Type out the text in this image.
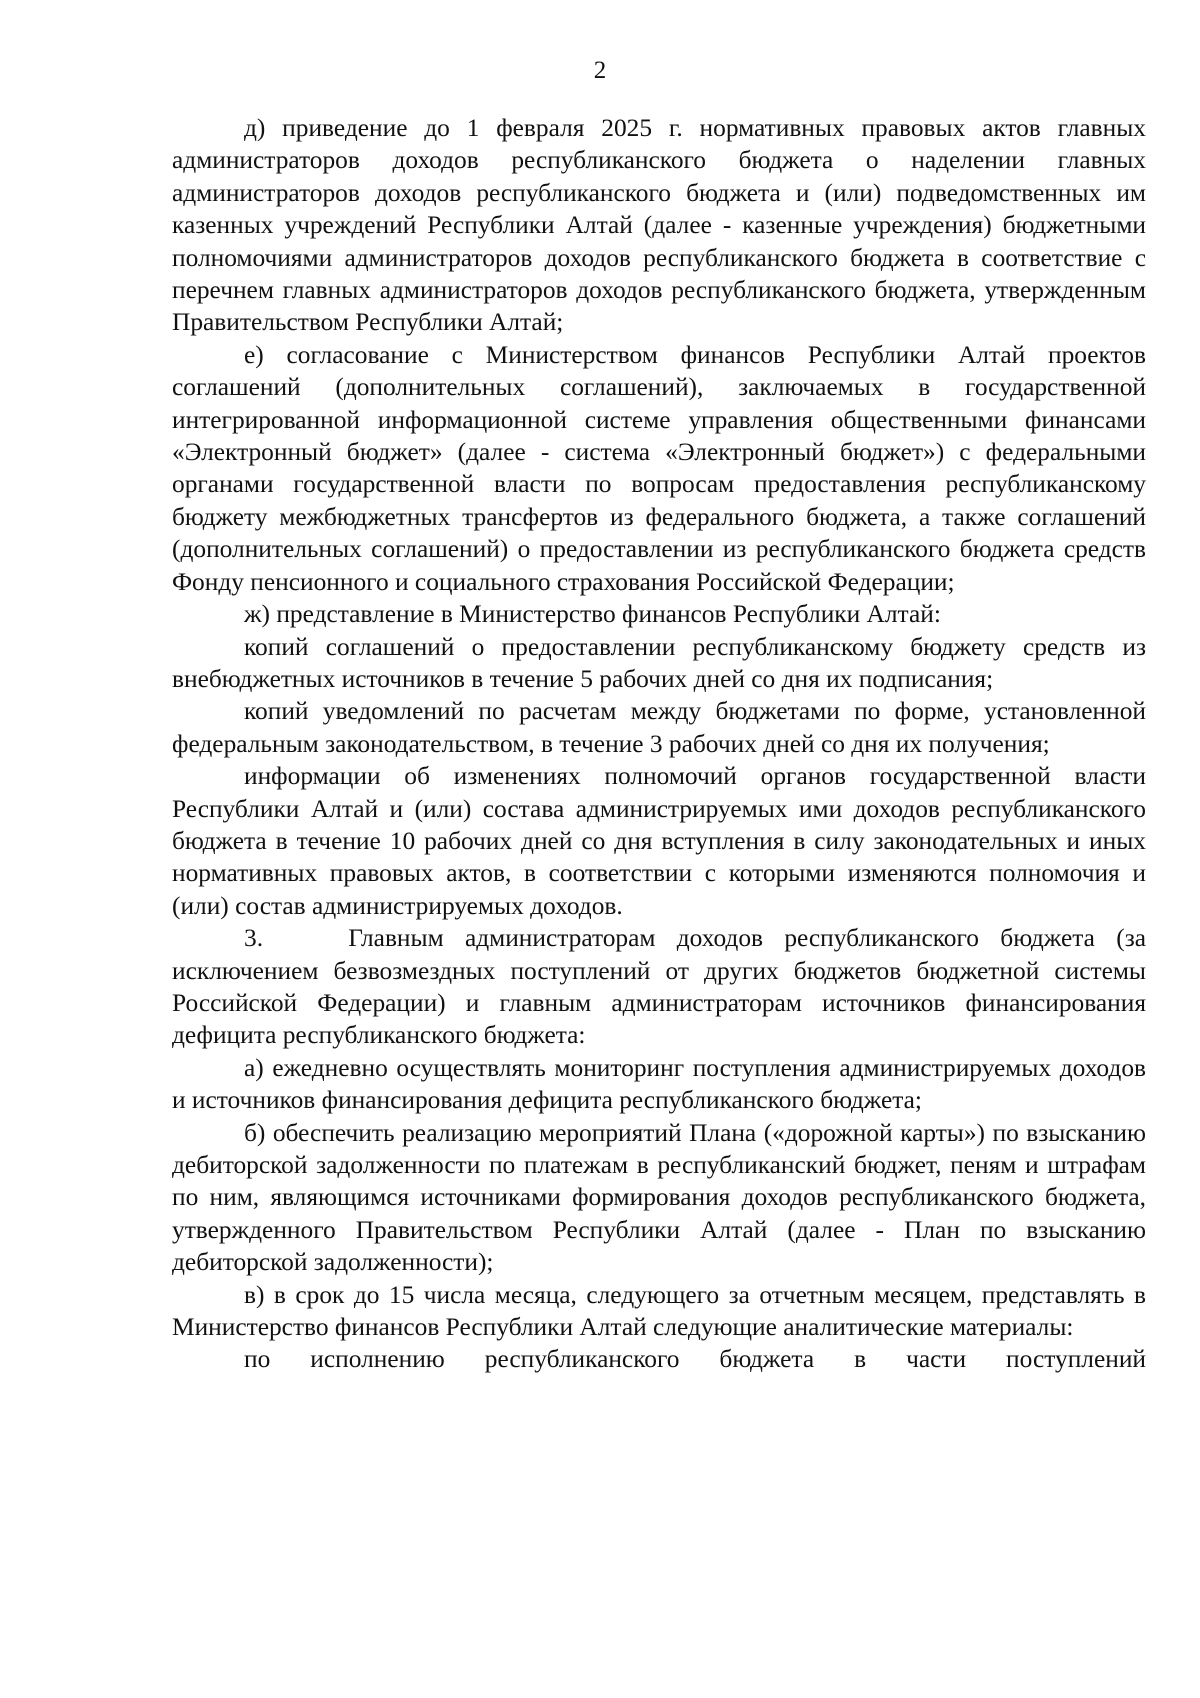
2

д) приведение до 1 февраля 2025 г. нормативных правовых актов главных администраторов доходов республиканского бюджета о наделении главных администраторов доходов республиканского бюджета и (или) подведомственных им казенных учреждений Республики Алтай (далее - казенные учреждения) бюджетными полномочиями администраторов доходов республиканского бюджета в соответствие с перечнем главных администраторов доходов республиканского бюджета, утвержденным Правительством Республики Алтай;

е) согласование с Министерством финансов Республики Алтай проектов соглашений (дополнительных соглашений), заключаемых в государственной интегрированной информационной системе управления общественными финансами «Электронный бюджет» (далее - система «Электронный бюджет») с федеральными органами государственной власти по вопросам предоставления республиканскому бюджету межбюджетных трансфертов из федерального бюджета, а также соглашений (дополнительных соглашений) о предоставлении из республиканского бюджета средств Фонду пенсионного и социального страхования Российской Федерации;

ж) представление в Министерство финансов Республики Алтай:

копий соглашений о предоставлении республиканскому бюджету средств из внебюджетных источников в течение 5 рабочих дней со дня их подписания;

копий уведомлений по расчетам между бюджетами по форме, установленной федеральным законодательством, в течение 3 рабочих дней со дня их получения;

информации об изменениях полномочий органов государственной власти Республики Алтай и (или) состава администрируемых ими доходов республиканского бюджета в течение 10 рабочих дней со дня вступления в силу законодательных и иных нормативных правовых актов, в соответствии с которыми изменяются полномочия и (или) состав администрируемых доходов.

3.    Главным администраторам доходов республиканского бюджета (за исключением безвозмездных поступлений от других бюджетов бюджетной системы Российской Федерации) и главным администраторам источников финансирования дефицита республиканского бюджета:

а) ежедневно осуществлять мониторинг поступления администрируемых доходов и источников финансирования дефицита республиканского бюджета;

б) обеспечить реализацию мероприятий Плана («дорожной карты») по взысканию дебиторской задолженности по платежам в республиканский бюджет, пеням и штрафам по ним, являющимся источниками формирования доходов республиканского бюджета, утвержденного Правительством Республики Алтай (далее - План по взысканию дебиторской задолженности);

в) в срок до 15 числа месяца, следующего за отчетным месяцем, представлять в Министерство финансов Республики Алтай следующие аналитические материалы:

по исполнению республиканского бюджета в части поступлений
